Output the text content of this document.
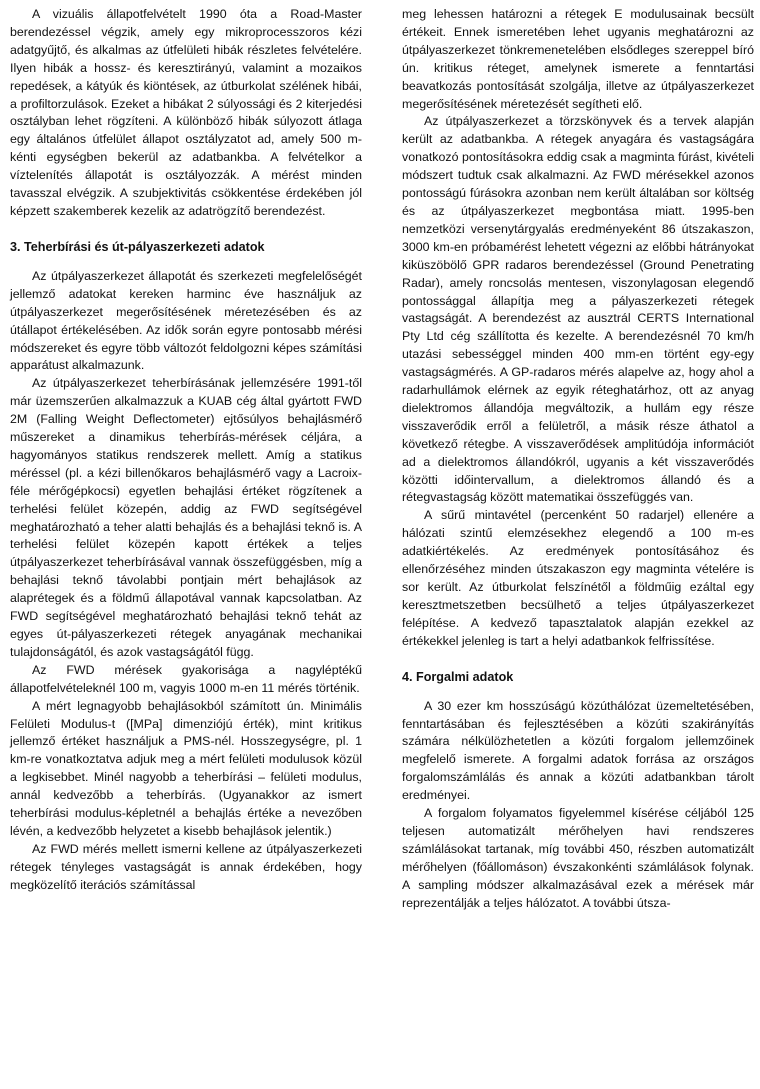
A vizuális állapotfelvételt 1990 óta a Road-Master berendezéssel végzik, amely egy mikroprocesszoros kézi adatgyűjtő, és alkalmas az útfelületi hibák részletes felvételére. Ilyen hibák a hossz- és keresztirányú, valamint a mozaikos repedések, a kátyúk és kiöntések, az útburkolat szélének hibái, a profiltorzulások. Ezeket a hibákat 2 súlyossági és 2 kiterjedési osztályban lehet rögzíteni. A különböző hibák súlyozott átlaga egy általános útfelület állapot osztályzatot ad, amely 500 m-kénti egységben bekerül az adatbankba. A felvételkor a víztelenítés állapotát is osztályozzák. A mérést minden tavasszal elvégzik. A szubjektivitás csökkentése érdekében jól képzett szakemberek kezelik az adatrögzítő berendezést.

3. Teherbírási és út-pályaszerkezeti adatok

Az útpályaszerkezet állapotát és szerkezeti megfelelőségét jellemző adatokat kereken harminc éve használjuk az útpályaszerkezet megerősítésének méretezésében és az útállapot értékelésében. Az idők során egyre pontosabb mérési módszereket és egyre több változót feldolgozni képes számítási apparátust alkalmazunk.

Az útpályaszerkezet teherbírásának jellemzésére 1991-től már üzemszerűen alkalmazzuk a KUAB cég által gyártott FWD 2M (Falling Weight Deflectometer) ejtősúlyos behajlásmérő műszereket a dinamikus teherbírás-mérések céljára, a hagyományos statikus rendszerek mellett. Amíg a statikus méréssel (pl. a kézi billenőkaros behajlásmérő vagy a Lacroix-féle mérőgépkocsi) egyetlen behajlási értéket rögzítenek a terhelési felület közepén, addig az FWD segítségével meghatározható a teher alatti behajlás és a behajlási teknő is. A terhelési felület közepén kapott értékek a teljes útpályaszerkezet teherbírásával vannak összefüggésben, míg a behajlási teknő távolabbi pontjain mért behajlások az alaprétegek és a földmű állapotával vannak kapcsolatban. Az FWD segítségével meghatározható behajlási teknő tehát az egyes út-pályaszerkezeti rétegek anyagának mechanikai tulajdonságától, és azok vastagságától függ.

Az FWD mérések gyakorisága a nagyléptékű állapotfelvételeknél 100 m, vagyis 1000 m-en 11 mérés történik.

A mért legnagyobb behajlásokból számított ún. Minimális Felületi Modulus-t ([MPa] dimenziójú érték), mint kritikus jellemző értéket használjuk a PMS-nél. Hosszegységre, pl. 1 km-re vonatkoztatva adjuk meg a mért felületi modulusok közül a legkisebbet. Minél nagyobb a teherbírási – felületi modulus, annál kedvezőbb a teherbírás. (Ugyanakkor az ismert teherbírási modulus-képletnél a behajlás értéke a nevezőben lévén, a kedvezőbb helyzetet a kisebb behajlások jelentik.)

Az FWD mérés mellett ismerni kellene az útpályaszerkezeti rétegek tényleges vastagságát is annak érdekében, hogy megközelítő iterációs számítással

meg lehessen határozni a rétegek E modulusainak becsült értékeit. Ennek ismeretében lehet ugyanis meghatározni az útpályaszerkezet tönkremenetelében elsődleges szereppel bíró ún. kritikus réteget, amelynek ismerete a fenntartási beavatkozás pontosítását szolgálja, illetve az útpályaszerkezet megerősítésének méretezését segítheti elő.

Az útpályaszerkezet a törzskönyvek és a tervek alapján került az adatbankba. A rétegek anyagára és vastagságára vonatkozó pontosításokra eddig csak a magminta fúrást, kivételi módszert tudtuk csak alkalmazni. Az FWD mérésekkel azonos pontosságú fúrásokra azonban nem került általában sor költség és az útpályaszerkezet megbontása miatt. 1995-ben nemzetközi versenytárgyalás eredményeként 86 útszakaszon, 3000 km-en próbamérést lehetett végezni az előbbi hátrányokat kiküszöbölő GPR radaros berendezéssel (Ground Penetrating Radar), amely roncsolás mentesen, viszonylagosan elegendő pontossággal állapítja meg a pályaszerkezeti rétegek vastagságát. A berendezést az ausztrál CERTS International Pty Ltd cég szállította és kezelte. A berendezésnél 70 km/h utazási sebességgel minden 400 mm-en történt egy-egy vastagságmérés. A GP-radaros mérés alapelve az, hogy ahol a radarhullámok elérnek az egyik réteghatárhoz, ott az anyag dielektromos állandója megváltozik, a hullám egy része visszaverődik erről a felületről, a másik része áthatol a következő rétegbe. A visszaverődések amplitúdója információt ad a dielektromos állandókról, ugyanis a két visszaverődés közötti időintervallum, a dielektromos állandó és a rétegvastagság között matematikai összefüggés van.

A sűrű mintavétel (percenként 50 radarjel) ellenére a hálózati szintű elemzésekhez elegendő a 100 m-es adatkiértékelés. Az eredmények pontosításához és ellenőrzéséhez minden útszakaszon egy magminta vételére is sor került. Az útburkolat felszínétől a földműig ezáltal egy keresztmetszetben becsülhető a teljes útpályaszerkezet felépítése. A kedvező tapasztalatok alapján ezekkel az értékekkel jelenleg is tart a helyi adatbankok felfrissítése.

4. Forgalmi adatok

A 30 ezer km hosszúságú közúthálózat üzemeltetésében, fenntartásában és fejlesztésében a közúti szakirányítás számára nélkülözhetetlen a közúti forgalom jellemzőinek megfelelő ismerete. A forgalmi adatok forrása az országos forgalomszámlálás és annak a közúti adatbankban tárolt eredményei.

A forgalom folyamatos figyelemmel kísérése céljából 125 teljesen automatizált mérőhelyen havi rendszeres számlálásokat tartanak, míg további 450, részben automatizált mérőhelyen (főállomáson) évszakonkénti számlálások folynak. A sampling módszer alkalmazásával ezek a mérések már reprezentálják a teljes hálózatot. A további útsza-
